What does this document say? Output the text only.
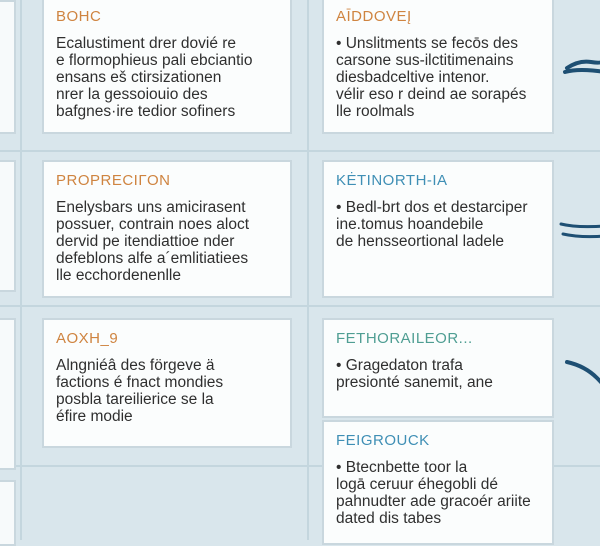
BOHC
Ecalustiment drer dovié re
e flormophieus pali ebciantio
ensans eš ctirsizationen
nrer la gessoiouio des
bafgnes·ire tedior sofiners
AĪDDOVEĮ
• Unslitments se fecōs des
carsone sus-ilctitimenains
diesbadceltive intenor.
vélir eso r deind ae sorapés
lle roolmals
PROPRECIГON
Enelysbars uns amicirasent
possuer, contrain noes aloct
dervid pe itendiattioe nder
defeblons alfe a´emlitiatiees
lle ecchordenenlle
KĖTINORTH-IA
• Bedl-brt dos et destarciper
ine.tomus hoandebile
de hensseortional ladele
AOXH_9
Alngniéâ des förgeve ä
factions é fnact mondies
posbla tareilierice se la
éfire modie
FETHORAILEOR...
• Gragedaton trafa
presionté sanemit, ane
FEIGROUCK
• Btecnbette toor la
logā ceruur éhegobli dé
pahnudter ade gracoér ariite
dated dis tabes
